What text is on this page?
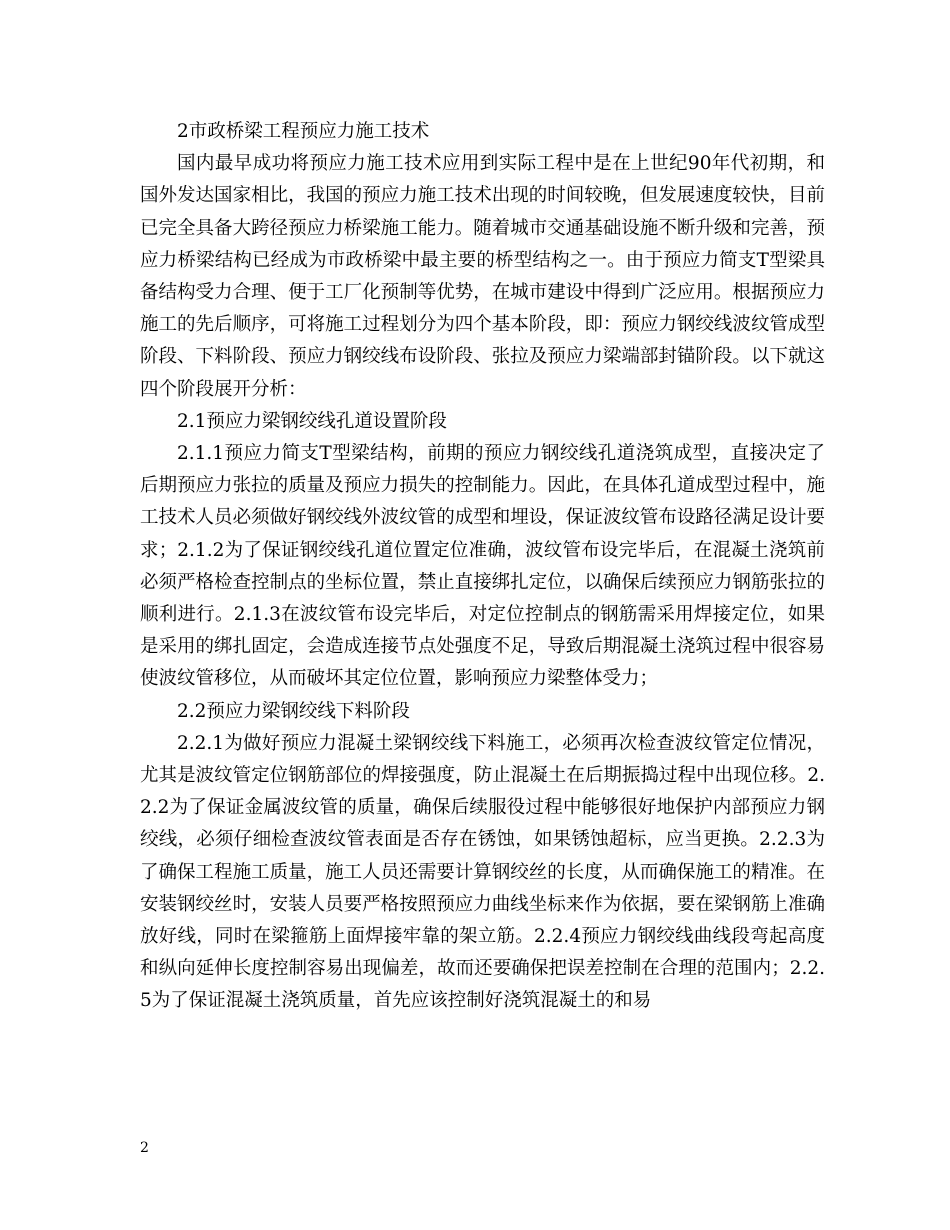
2市政桥梁工程预应力施工技术

国内最早成功将预应力施工技术应用到实际工程中是在上世纪90年代初期，和国外发达国家相比，我国的预应力施工技术出现的时间较晚，但发展速度较快，目前已完全具备大跨径预应力桥梁施工能力。随着城市交通基础设施不断升级和完善，预应力桥梁结构已经成为市政桥梁中最主要的桥型结构之一。由于预应力简支T型梁具备结构受力合理、便于工厂化预制等优势，在城市建设中得到广泛应用。根据预应力施工的先后顺序，可将施工过程划分为四个基本阶段，即：预应力钢绞线波纹管成型阶段、下料阶段、预应力钢绞线布设阶段、张拉及预应力梁端部封锚阶段。以下就这四个阶段展开分析：

2.1预应力梁钢绞线孔道设置阶段

2.1.1预应力简支T型梁结构，前期的预应力钢绞线孔道浇筑成型，直接决定了后期预应力张拉的质量及预应力损失的控制能力。因此，在具体孔道成型过程中，施工技术人员必须做好钢绞线外波纹管的成型和埋设，保证波纹管布设路径满足设计要求；2.1.2为了保证钢绞线孔道位置定位准确，波纹管布设完毕后，在混凝土浇筑前必须严格检查控制点的坐标位置，禁止直接绑扎定位，以确保后续预应力钢筋张拉的顺利进行。2.1.3在波纹管布设完毕后，对定位控制点的钢筋需采用焊接定位，如果是采用的绑扎固定，会造成连接节点处强度不足，导致后期混凝土浇筑过程中很容易使波纹管移位，从而破坏其定位位置，影响预应力梁整体受力；

2.2预应力梁钢绞线下料阶段

2.2.1为做好预应力混凝土梁钢绞线下料施工，必须再次检查波纹管定位情况，尤其是波纹管定位钢筋部位的焊接强度，防止混凝土在后期振捣过程中出现位移。2.2.2为了保证金属波纹管的质量，确保后续服役过程中能够很好地保护内部预应力钢绞线，必须仔细检查波纹管表面是否存在锈蚀，如果锈蚀超标，应当更换。2.2.3为了确保工程施工质量，施工人员还需要计算钢绞丝的长度，从而确保施工的精准。在安装钢绞丝时，安装人员要严格按照预应力曲线坐标来作为依据，要在梁钢筋上准确放好线，同时在梁箍筋上面焊接牢靠的架立筋。2.2.4预应力钢绞线曲线段弯起高度和纵向延伸长度控制容易出现偏差，故而还要确保把误差控制在合理的范围内；2.2.5为了保证混凝土浇筑质量，首先应该控制好浇筑混凝土的和易

2
